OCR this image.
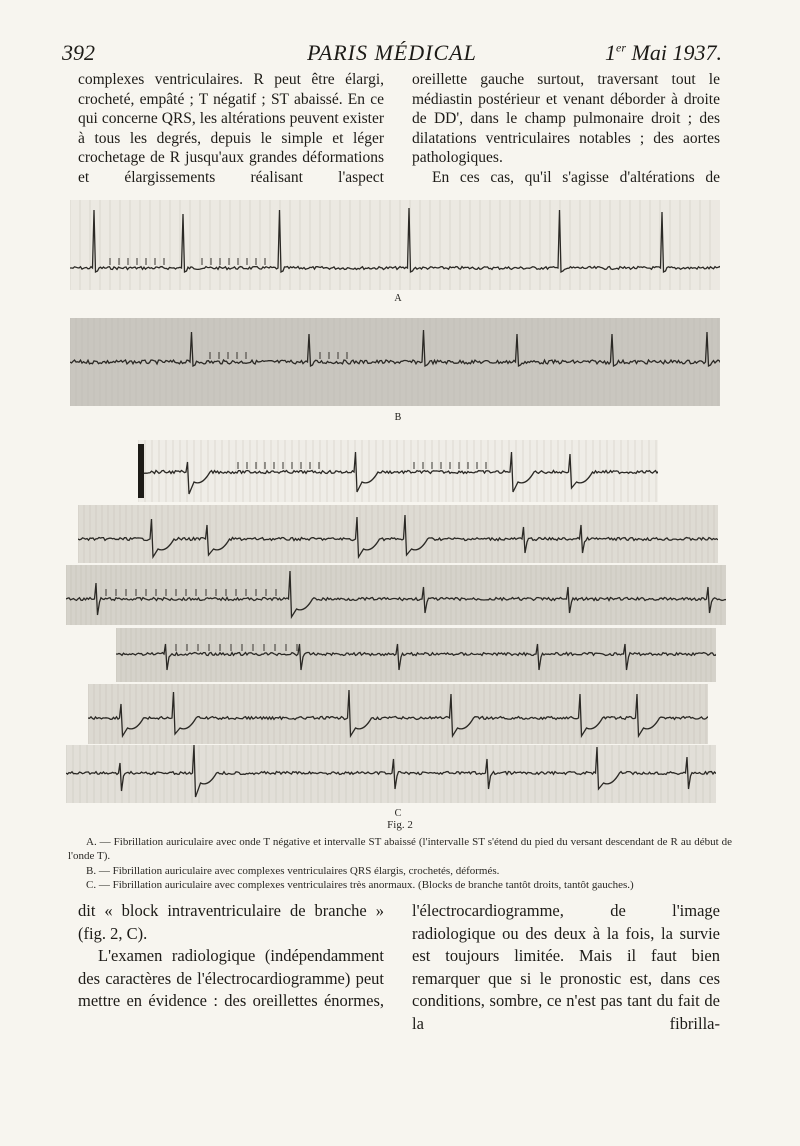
392	PARIS MÉDICAL	1er Mai 1937.

complexes ventriculaires. R peut être élargi, crocheté, empâté ; T négatif ; ST abaissé. En ce qui concerne QRS, les altérations peuvent exister à tous les degrés, depuis le simple et léger crochetage de R jusqu'aux grandes déformations et élargissements réalisant l'aspect

oreillette gauche surtout, traversant tout le médiastin postérieur et venant déborder à droite de DD', dans le champ pulmonaire droit ; des dilatations ventriculaires notables ; des aortes pathologiques.

En ces cas, qu'il s'agisse d'altérations de

A
B
C
Fig. 2

A. — Fibrillation auriculaire avec onde T négative et intervalle ST abaissé (l'intervalle ST s'étend du pied du versant descendant de R au début de l'onde T).

B. — Fibrillation auriculaire avec complexes ventriculaires QRS élargis, crochetés, déformés.

C. — Fibrillation auriculaire avec complexes ventriculaires très anormaux. (Blocks de branche tantôt droits, tantôt gauches.)

dit « block intraventriculaire de branche » (fig. 2, C).

L'examen radiologique (indépendamment des caractères de l'électrocardiogramme) peut mettre en évidence : des oreillettes énormes,

l'électrocardiogramme, de l'image radiologique ou des deux à la fois, la survie est toujours limitée. Mais il faut bien remarquer que si le pronostic est, dans ces conditions, sombre, ce n'est pas tant du fait de la fibrilla-
